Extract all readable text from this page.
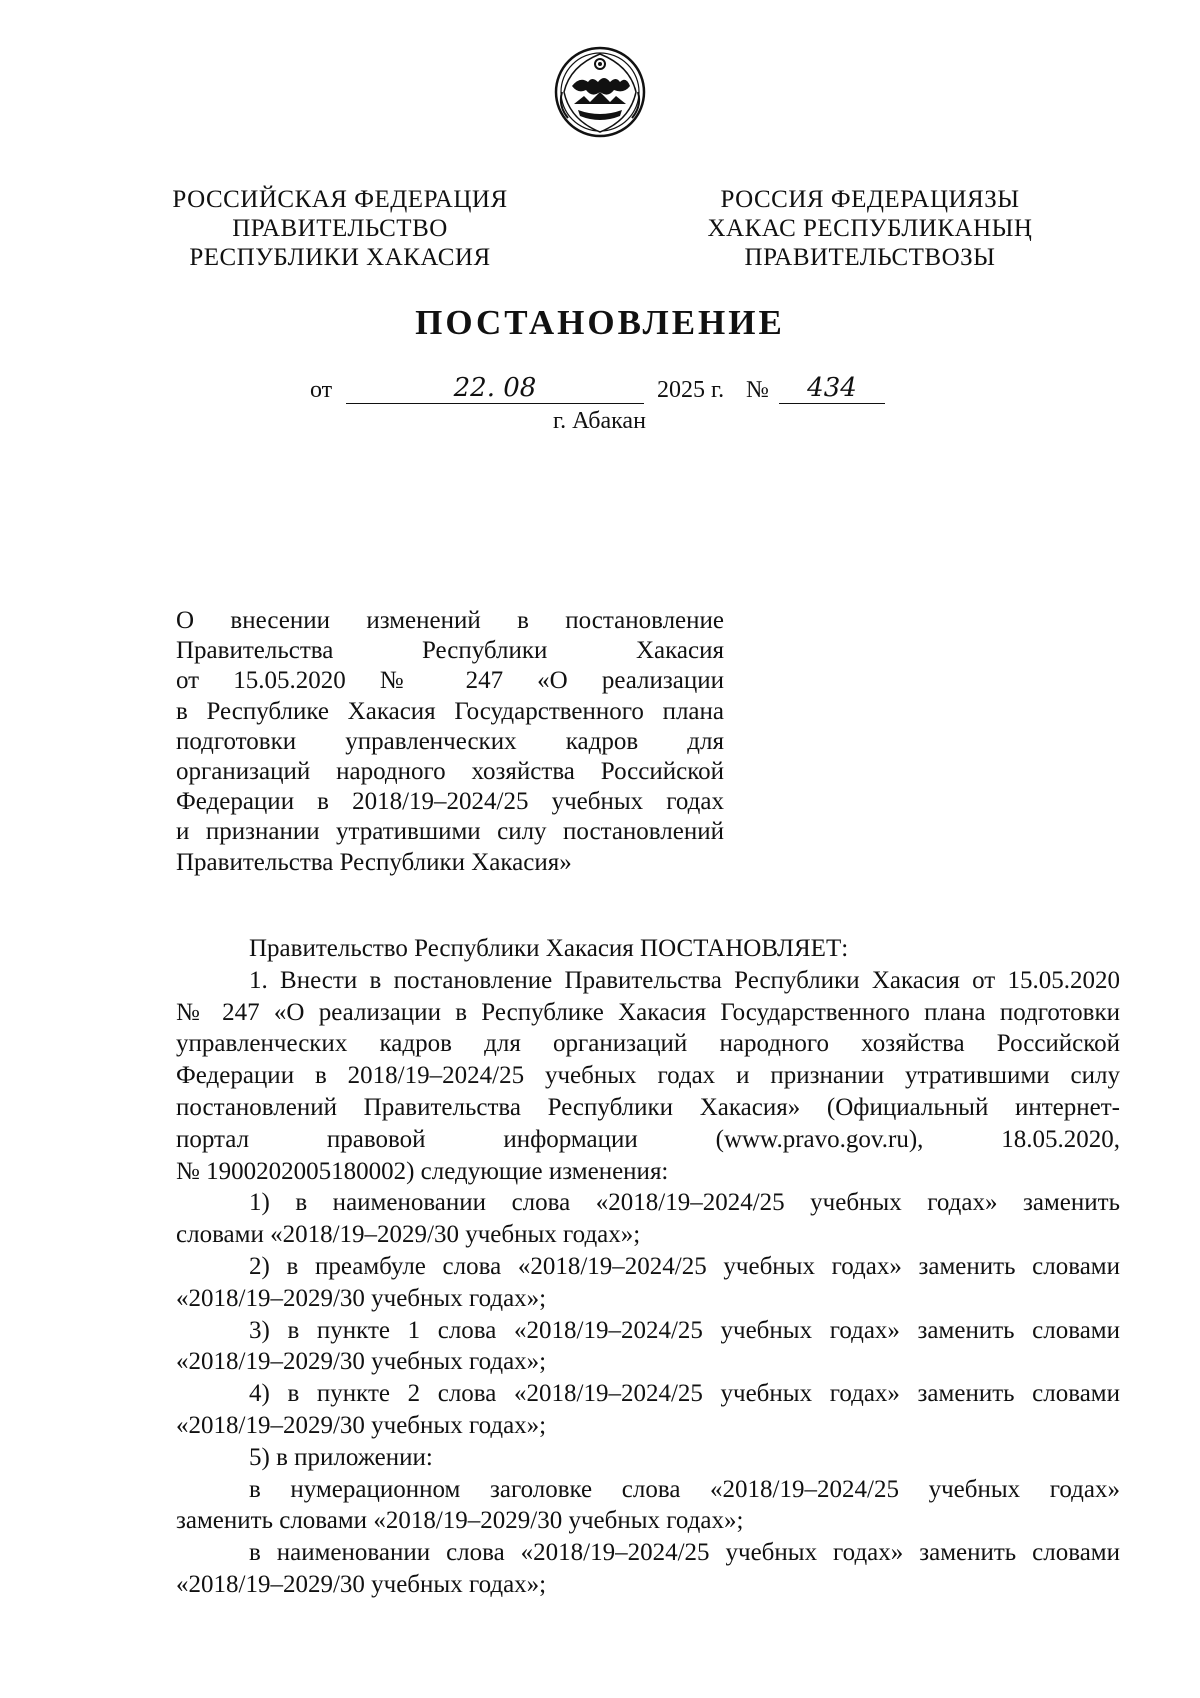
РОССИЙСКАЯ ФЕДЕРАЦИЯ
ПРАВИТЕЛЬСТВО
РЕСПУБЛИКИ ХАКАСИЯ
РОССИЯ ФЕДЕРАЦИЯЗЫ
ХАКАС РЕСПУБЛИКАНЫҢ
ПРАВИТЕЛЬСТВОЗЫ
ПОСТАНОВЛЕНИЕ
от	22. 08	2025 г. №	434
г. Абакан
О внесении изменений в постановление
Правительства Республики Хакасия
от 15.05.2020 № 247 «О реализации
в Республике Хакасия Государственного плана
подготовки управленческих кадров для
организаций народного хозяйства Российской
Федерации в 2018/19–2024/25 учебных годах
и признании утратившими силу постановлений
Правительства Республики Хакасия»
Правительство Республики Хакасия ПОСТАНОВЛЯЕТ:
1. Внести в постановление Правительства Республики Хакасия от 15.05.2020
№ 247 «О реализации в Республике Хакасия Государственного плана подготовки
управленческих кадров для организаций народного хозяйства Российской
Федерации в 2018/19–2024/25 учебных годах и признании утратившими силу
постановлений Правительства Республики Хакасия» (Официальный интернет-
портал правовой информации (www.pravo.gov.ru), 18.05.2020,
№ 1900202005180002) следующие изменения:
1) в наименовании слова «2018/19–2024/25 учебных годах» заменить
словами «2018/19–2029/30 учебных годах»;
2) в преамбуле слова «2018/19–2024/25 учебных годах» заменить словами
«2018/19–2029/30 учебных годах»;
3) в пункте 1 слова «2018/19–2024/25 учебных годах» заменить словами
«2018/19–2029/30 учебных годах»;
4) в пункте 2 слова «2018/19–2024/25 учебных годах» заменить словами
«2018/19–2029/30 учебных годах»;
5) в приложении:
в нумерационном заголовке слова «2018/19–2024/25 учебных годах»
заменить словами «2018/19–2029/30 учебных годах»;
в наименовании слова «2018/19–2024/25 учебных годах» заменить словами
«2018/19–2029/30 учебных годах»;
